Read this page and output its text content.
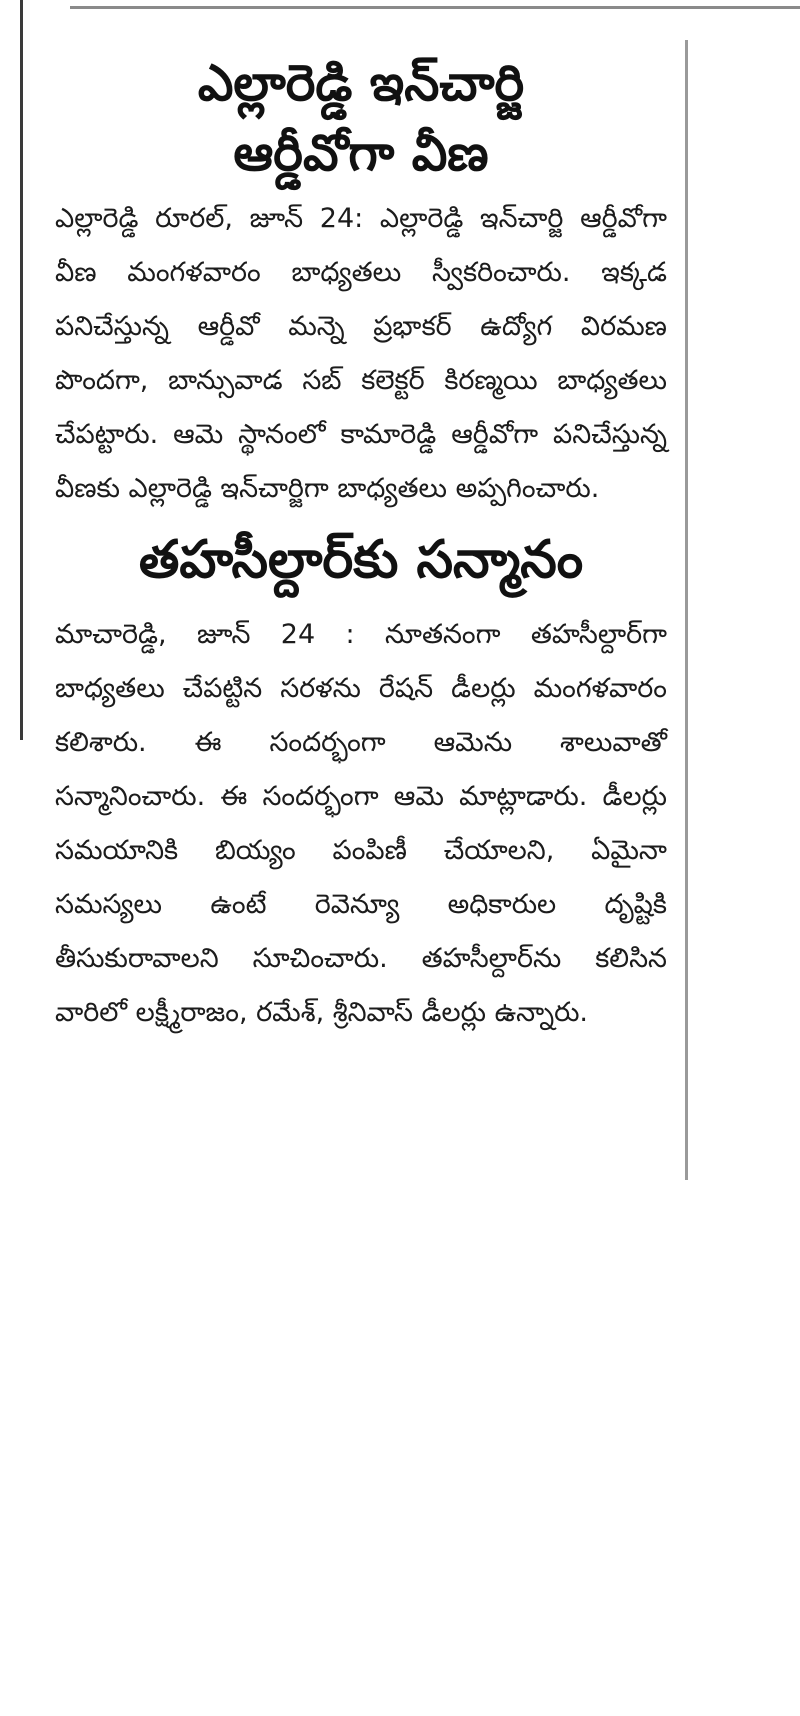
ఎల్లారెడ్డి ఇన్‌చార్జి
ఆర్డీవోగా వీణ

ఎల్లారెడ్డి రూరల్, జూన్ 24: ఎల్లారెడ్డి ఇన్‌చార్జి ఆర్డీవోగా వీణ మంగళవారం బాధ్యతలు స్వీకరించారు. ఇక్కడ పనిచేస్తున్న ఆర్డీవో మన్నె ప్రభాకర్ ఉద్యోగ విరమణ పొందగా, బాన్సువాడ సబ్ కలెక్టర్ కిరణ్మయి బాధ్యతలు చేపట్టారు. ఆమె స్థానంలో కామారెడ్డి ఆర్డీవోగా పనిచేస్తున్న వీణకు ఎల్లారెడ్డి ఇన్‌చార్జిగా బాధ్యతలు అప్పగించారు.

తహసీల్దార్‌కు సన్మానం

మాచారెడ్డి, జూన్ 24 : నూతనంగా తహసీల్దార్‌గా బాధ్యతలు చేపట్టిన సరళను రేషన్ డీలర్లు మంగళవారం కలిశారు. ఈ సందర్భంగా ఆమెను శాలువాతో సన్మానించారు. ఈ సందర్భంగా ఆమె మాట్లాడారు. డీలర్లు సమయానికి బియ్యం పంపిణీ చేయాలని, ఏమైనా సమస్యలు ఉంటే రెవెన్యూ అధికారుల దృష్టికి తీసుకురావాలని సూచించారు. తహసీల్దార్‌ను కలిసిన వారిలో లక్ష్మీరాజం, రమేశ్, శ్రీనివాస్ డీలర్లు ఉన్నారు.
